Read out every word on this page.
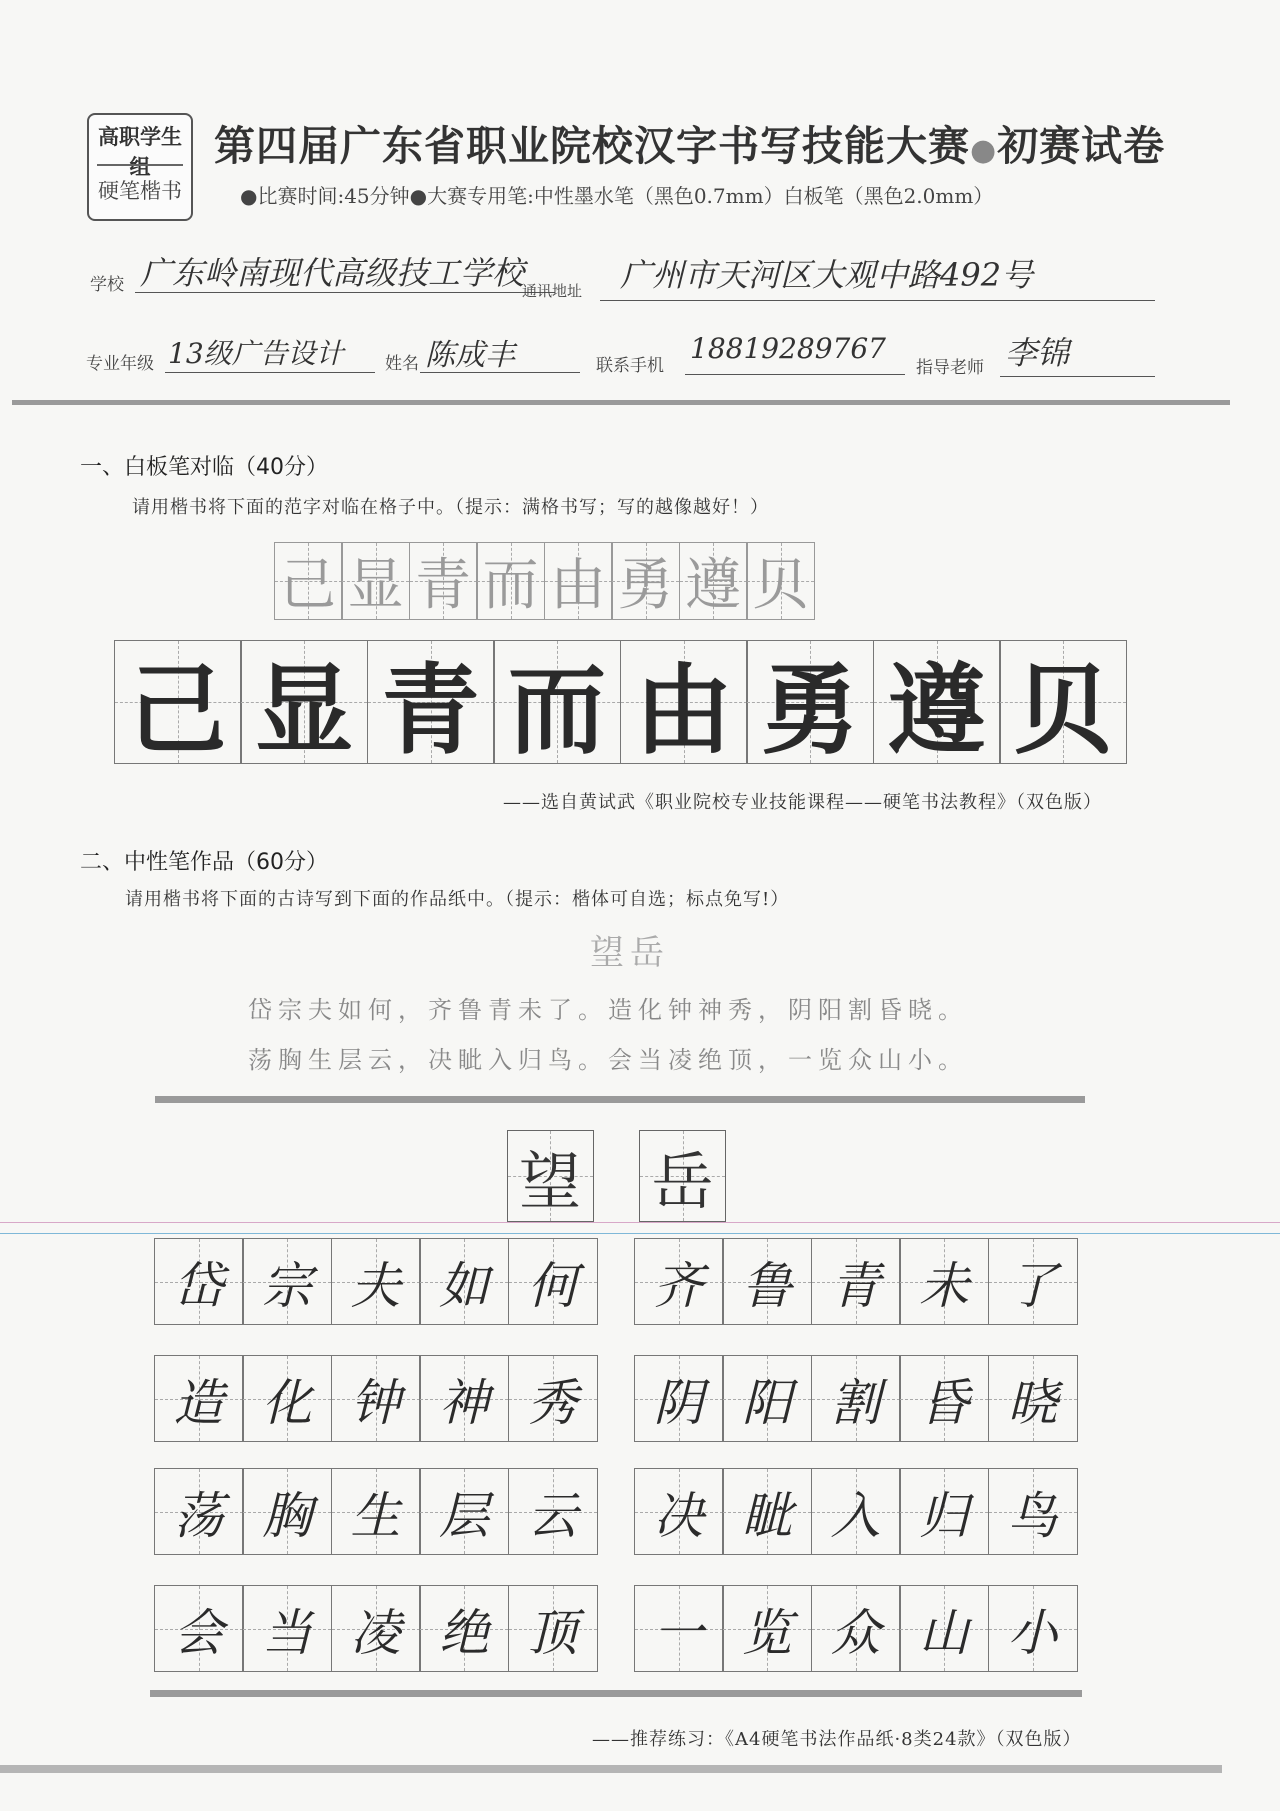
高职学生组
硬笔楷书
第四届广东省职业院校汉字书写技能大赛●初赛试卷
●比赛时间:45分钟●大赛专用笔:中性墨水笔（黑色0.7mm）白板笔（黑色2.0mm）
学校 广东岭南现代高级技工学校
通讯地址 广州市天河区大观中路492号
专业年级 13级广告设计 姓名 陈成丰	联系手机
18819289767
指导老师 李锦
一、白板笔对临（40分）
请用楷书将下面的范字对临在格子中。（提示：满格书写；写的越像越好！）
己 显 青 而 由 勇 遵 贝
己 显 青 而 由 勇 遵 贝
——选自黄试武《职业院校专业技能课程——硬笔书法教程》（双色版）
二、中性笔作品（60分）
请用楷书将下面的古诗写到下面的作品纸中。（提示：楷体可自选；标点免写!）
望岳
岱宗夫如何，齐鲁青未了。造化钟神秀，阴阳割昏晓。
荡胸生层云，决眦入归鸟。会当凌绝顶，一览众山小。
望 岳
岱 宗 夫 如 何 齐 鲁 青 未 了
造 化 钟 神 秀 阴 阳 割 昏 晓
荡 胸 生 层 云 决 眦 入 归 鸟
会 当 凌 绝 顶 一 览 众 山 小
——推荐练习：《A4硬笔书法作品纸·8类24款》（双色版）
